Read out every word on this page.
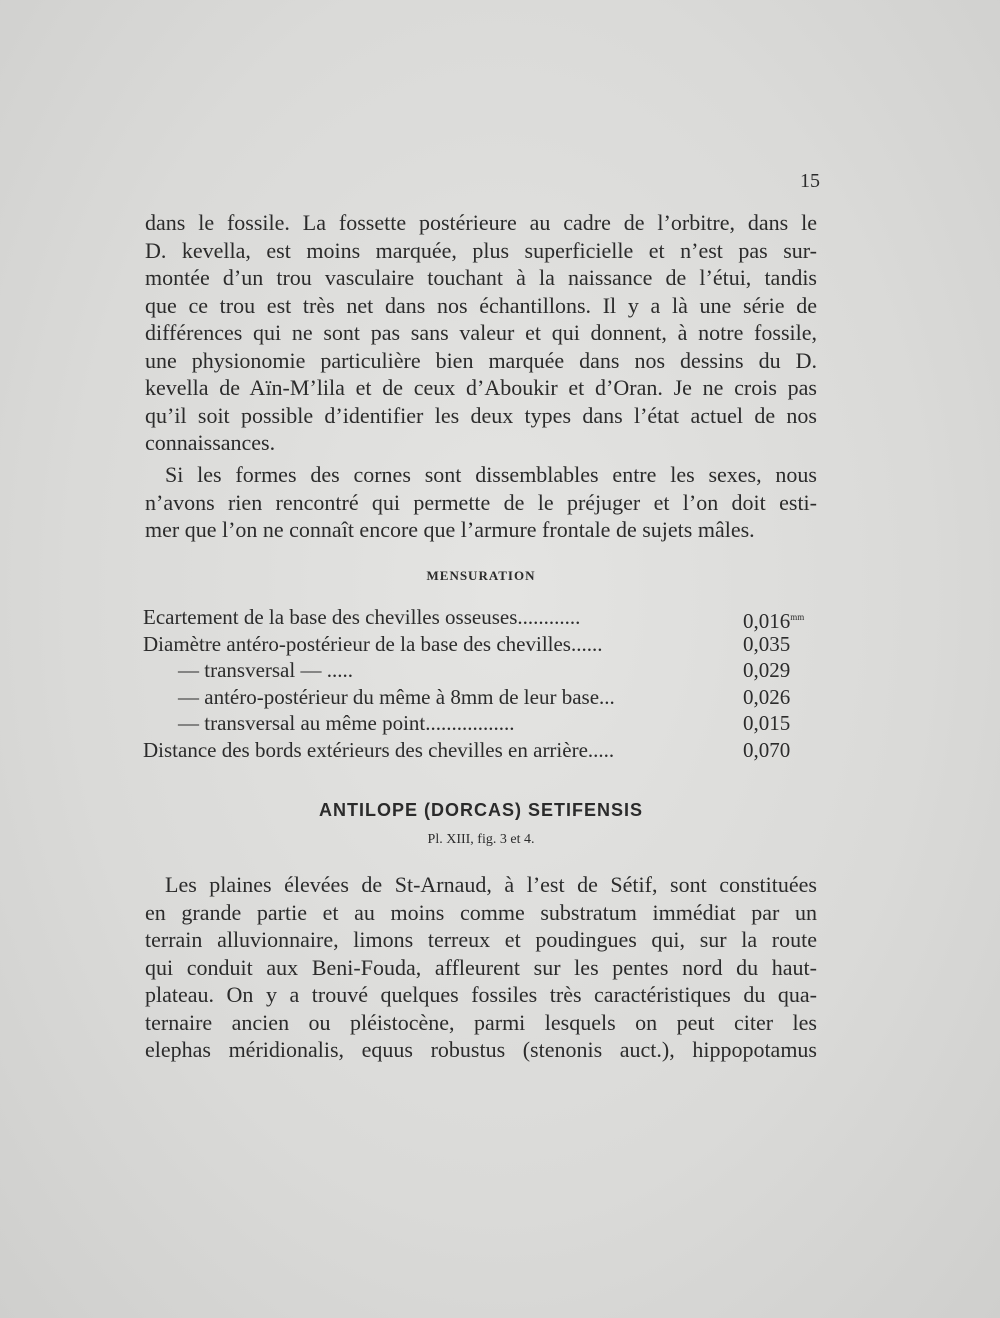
15

dans le fossile. La fossette postérieure au cadre de l’orbitre, dans le
D. kevella, est moins marquée, plus superficielle et n’est pas sur-
montée d’un trou vasculaire touchant à la naissance de l’étui, tandis
que ce trou est très net dans nos échantillons. Il y a là une série de
différences qui ne sont pas sans valeur et qui donnent, à notre fossile,
une physionomie particulière bien marquée dans nos dessins du D.
kevella de Aïn-M’lila et de ceux d’Aboukir et d’Oran. Je ne crois pas
qu’il soit possible d’identifier les deux types dans l’état actuel de nos
connaissances.

Si les formes des cornes sont dissemblables entre les sexes, nous
n’avons rien rencontré qui permette de le préjuger et l’on doit esti-
mer que l’on ne connaît encore que l’armure frontale de sujets mâles.

MENSURATION
Ecartement de la base des chevilles osseuses............	$0,016^{mm}$
Diamètre antéro-postérieur de la base des chevilles......	0,035
— transversal — .....	0,029
— antéro-postérieur du même à 8mm de leur base...	0,026
— transversal au même point.................	0,015
Distance des bords extérieurs des chevilles en arrière.....	0,070
ANTILOPE (DORCAS) SETIFENSIS
Pl. XIII, fig. 3 et 4.

Les plaines élevées de St-Arnaud, à l’est de Sétif, sont constituées
en grande partie et au moins comme substratum immédiat par un
terrain alluvionnaire, limons terreux et poudingues qui, sur la route
qui conduit aux Beni-Fouda, affleurent sur les pentes nord du haut-
plateau. On y a trouvé quelques fossiles très caractéristiques du qua-
ternaire ancien ou pléistocène, parmi lesquels on peut citer les
elephas méridionalis, equus robustus (stenonis auct.), hippopotamus
